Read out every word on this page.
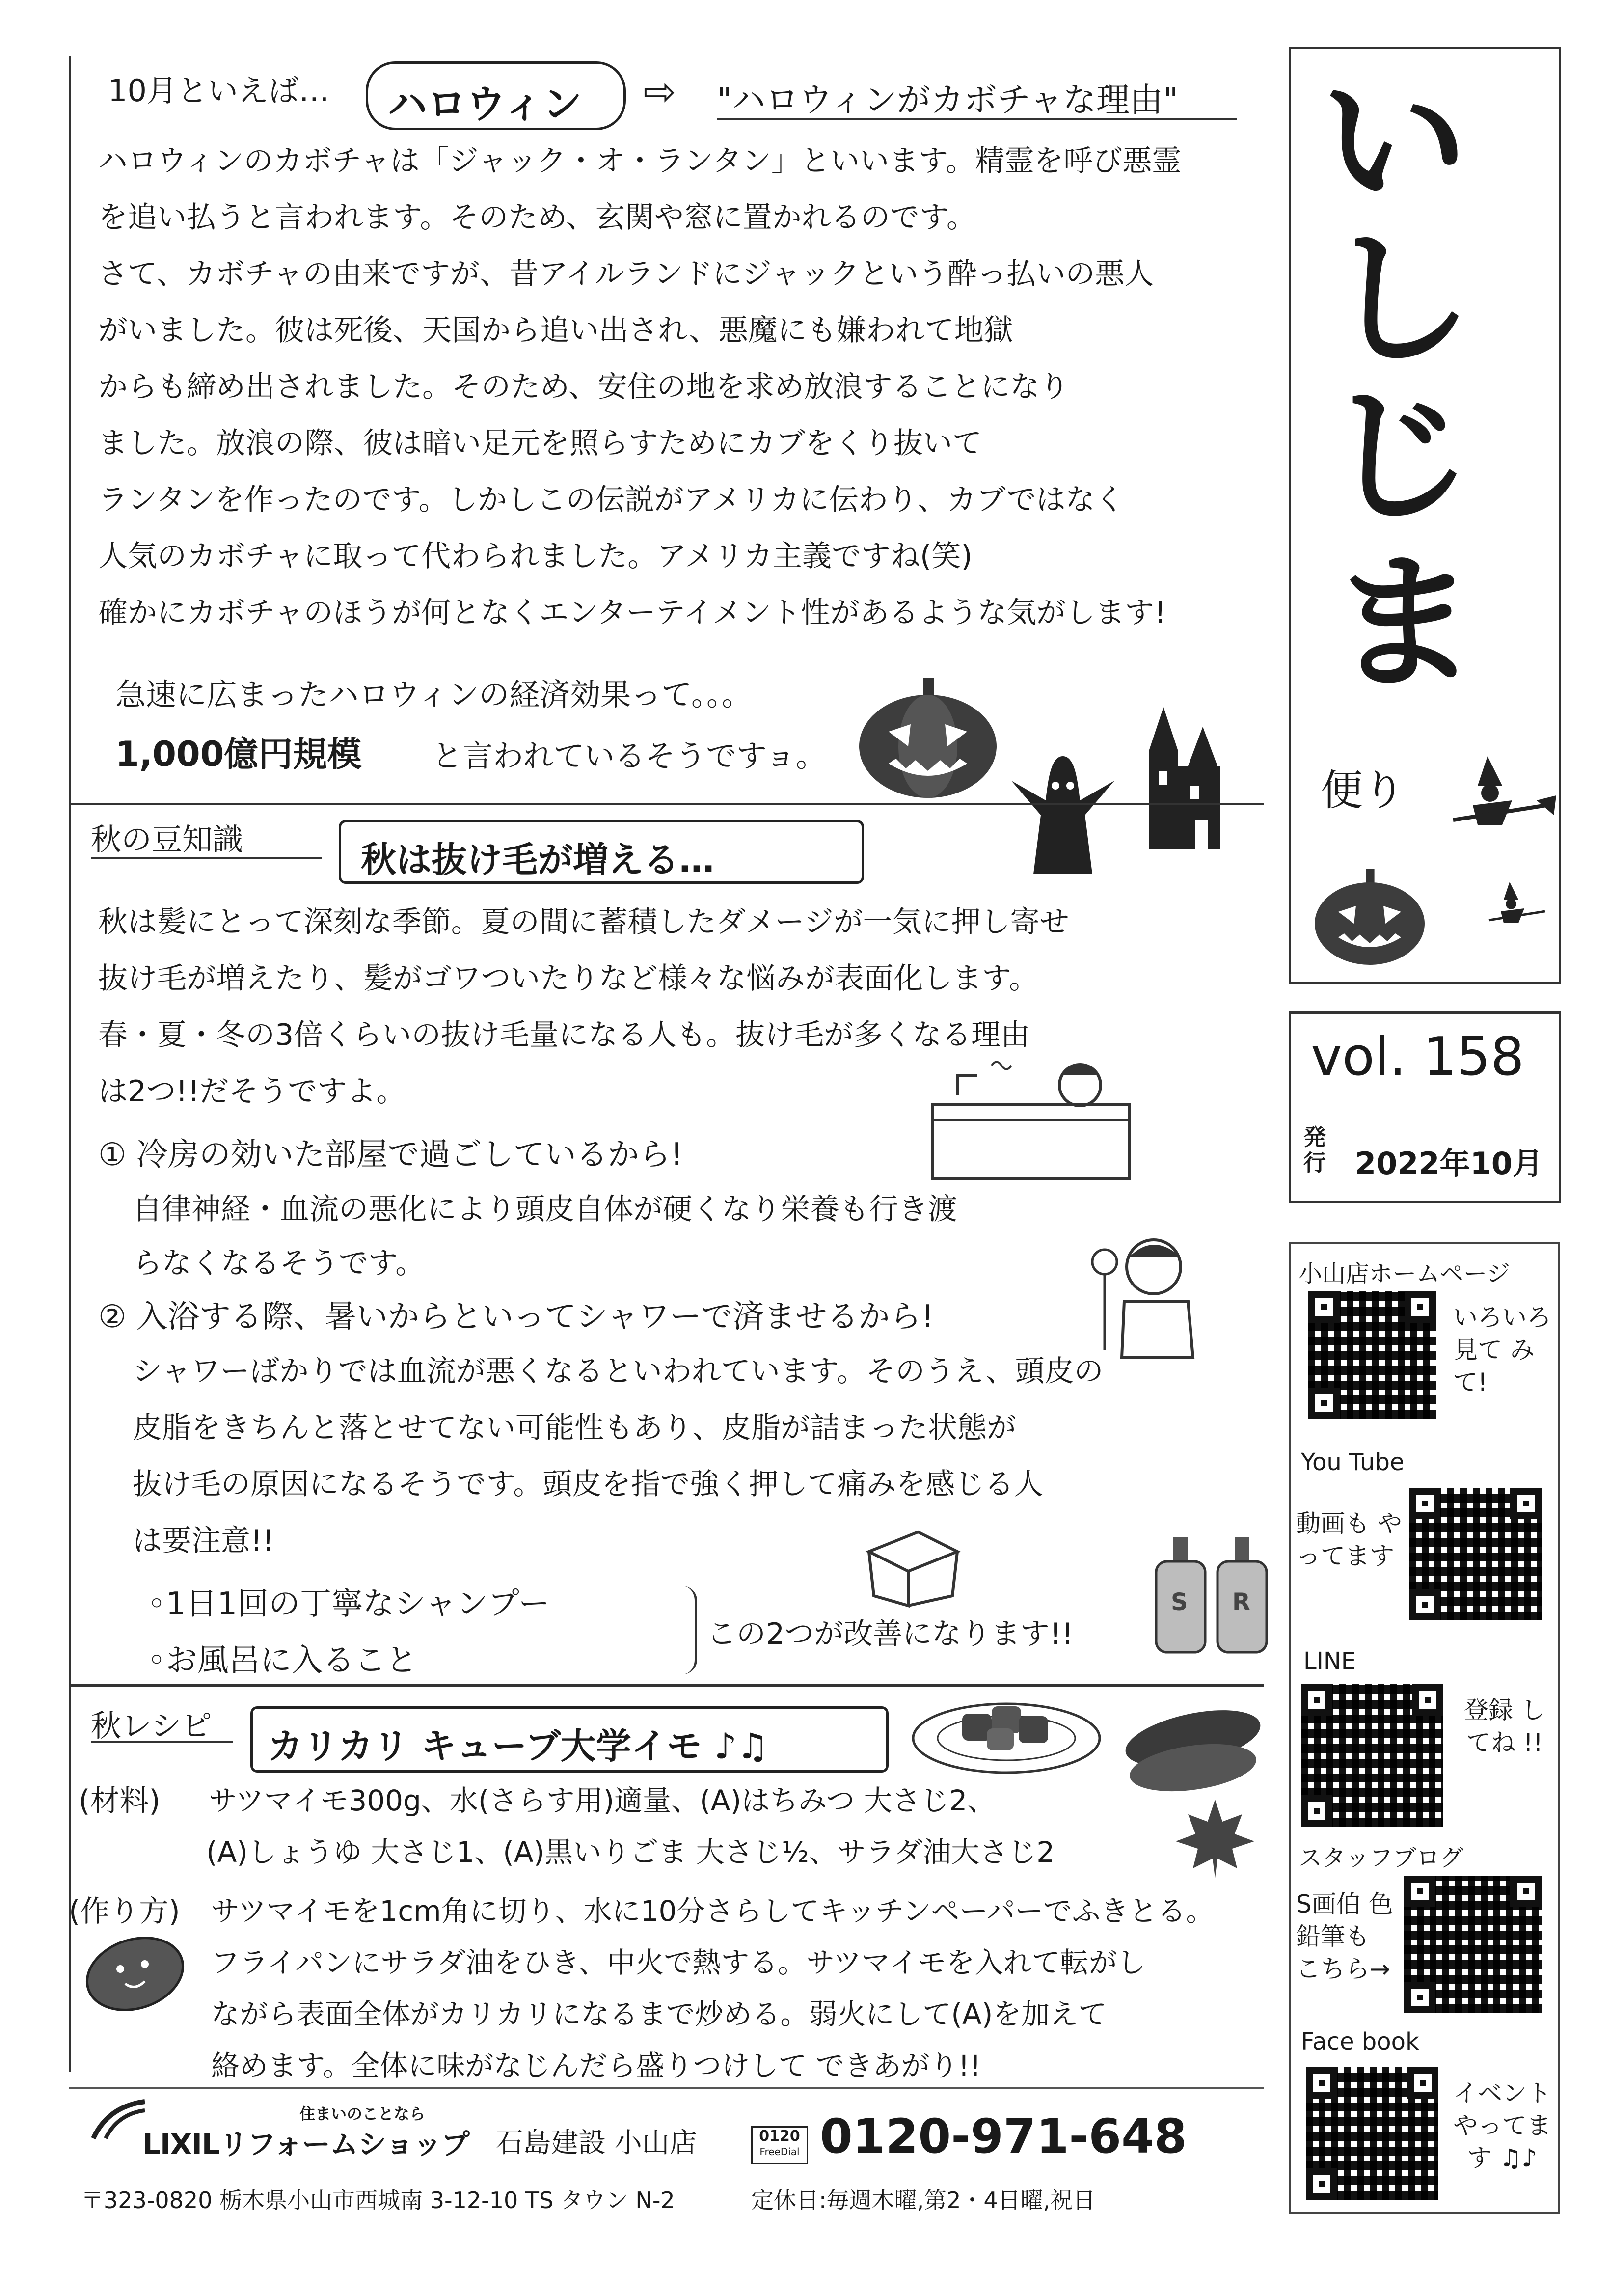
10月といえば… ハロウィン ⇨ "ハロウィンがカボチャな理由"
ハロウィンのカボチャは「ジャック・オ・ランタン」といいます。精霊を呼び悪霊
を追い払うと言われます。そのため、玄関や窓に置かれるのです。
さて、カボチャの由来ですが、昔アイルランドにジャックという酔っ払いの悪人
がいました。彼は死後、天国から追い出され、悪魔にも嫌われて地獄
からも締め出されました。そのため、安住の地を求め放浪することになり
ました。放浪の際、彼は暗い足元を照らすためにカブをくり抜いて
ランタンを作ったのです。しかしこの伝説がアメリカに伝わり、カブではなく
人気のカボチャに取って代わられました。アメリカ主義ですね(笑)
確かにカボチャのほうが何となくエンターテイメント性があるような気がします!
急速に広まったハロウィンの経済効果って。。。
1,000億円規模 と言われているそうですョ。
秋の豆知識	秋は抜け毛が増える…
秋は髪にとって深刻な季節。夏の間に蓄積したダメージが一気に押し寄せ
抜け毛が増えたり、髪がゴワついたりなど様々な悩みが表面化します。
春・夏・冬の3倍くらいの抜け毛量になる人も。抜け毛が多くなる理由
は2つ!!だそうですよ。
① 冷房の効いた部屋で過ごしているから!
自律神経・血流の悪化により頭皮自体が硬くなり栄養も行き渡
らなくなるそうです。
② 入浴する際、暑いからといってシャワーで済ませるから!
シャワーばかりでは血流が悪くなるといわれています。そのうえ、頭皮の
皮脂をきちんと落とせてない可能性もあり、皮脂が詰まった状態が
抜け毛の原因になるそうです。頭皮を指で強く押して痛みを感じる人
は要注意!!
S R
◦1日1回の丁寧なシャンプー
◦お風呂に入ること
この2つが改善になります!!
秋レシピ カリカリ キューブ大学イモ ♪♫
(材料) サツマイモ300g、水(さらす用)適量、(A)はちみつ 大さじ2、
(A)しょうゆ 大さじ1、(A)黒いりごま 大さじ½、サラダ油大さじ2
(作り方) サツマイモを1cm角に切り、水に10分さらしてキッチンペーパーでふきとる。
フライパンにサラダ油をひき、中火で熱する。サツマイモを入れて転がし
ながら表面全体がカリカリになるまで炒める。弱火にして(A)を加えて
絡めます。全体に味がなじんだら盛りつけして できあがり!!
住まいのことなら
LIXILリフォームショップ 石島建設 小山店	0120
FreeDial 0120-971-648
〒323-0820 栃木県小山市西城南 3-12-10 TS タウン N-2	定休日:毎週木曜,第2・4日曜,祝日
い
し
じ
ま
便り
vol. 158
発行 2022年10月
小山店ホームページ
いろいろ 見て みて!
You Tube
動画も やってます
LINE
登録 してね !!
スタッフブログ
S画伯 色鉛筆も こちら→
Face book
イベント やってます ♫♪
